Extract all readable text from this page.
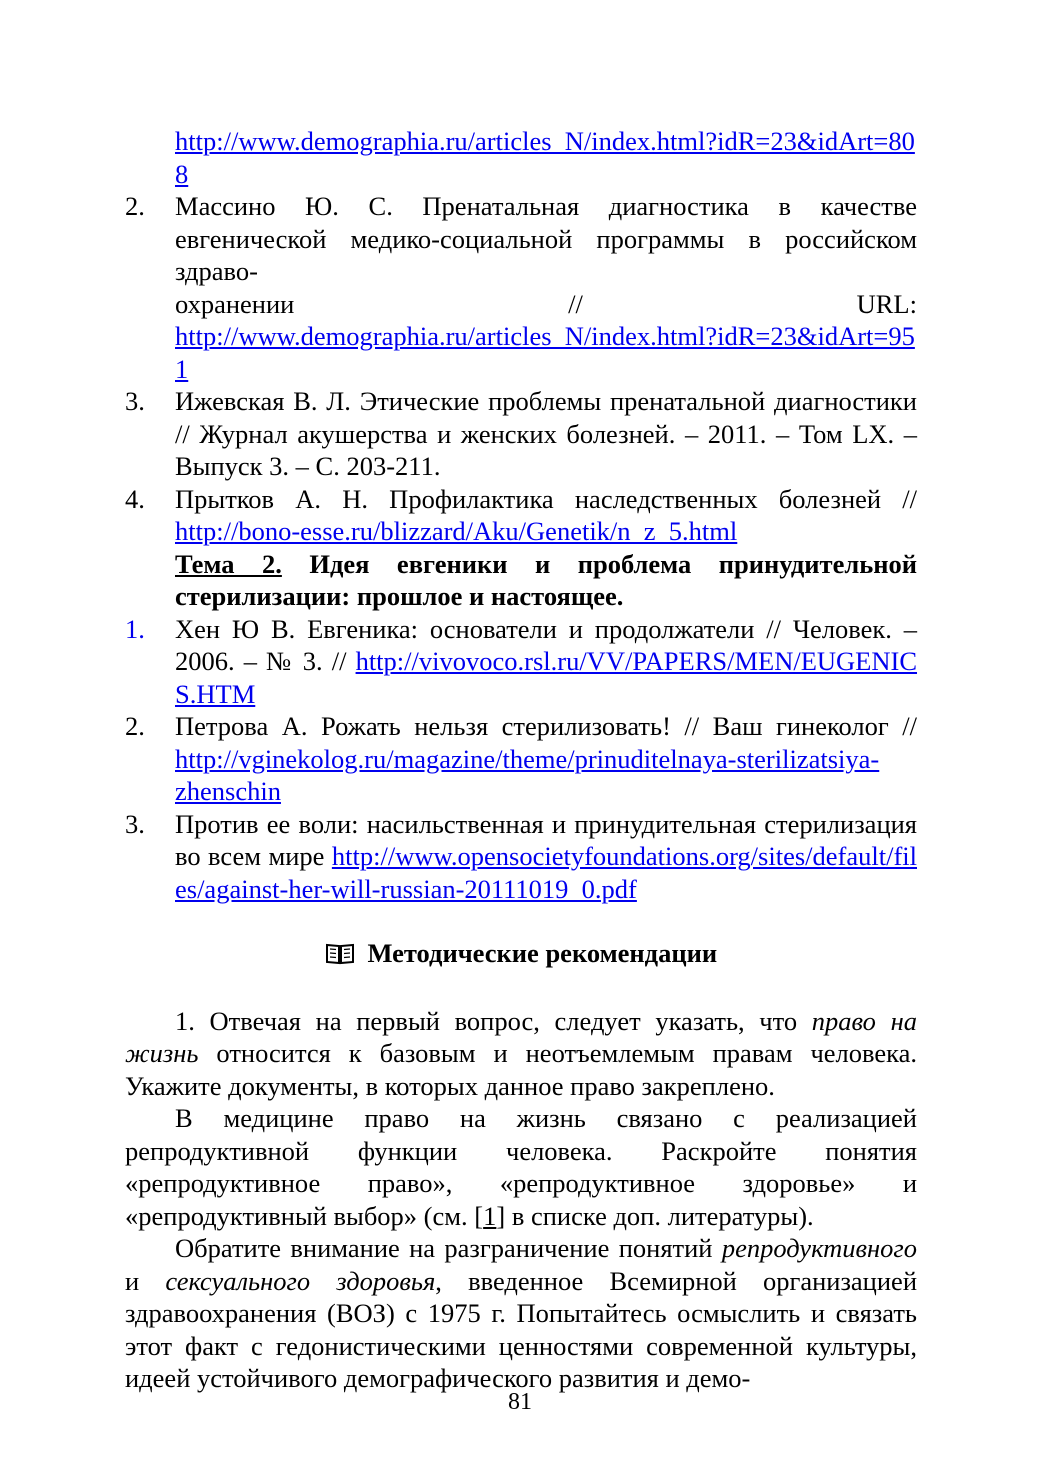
http://www.demographia.ru/articles_N/index.html?idR=23&idArt=808
2.	Массино Ю. С. Пренатальная диагностика в качестве евгенической медико-социальной программы в российском здраво-
охранении	//	URL:
http://www.demographia.ru/articles_N/index.html?idR=23&idArt=951
3.	Ижевская В. Л. Этические проблемы пренатальной диагностики // Журнал акушерства и женских болезней. – 2011. – Том LX. – Выпуск 3. – С. 203-211.
4.	Прытков А. Н. Профилактика наследственных болезней //
http://bono-esse.ru/blizzard/Aku/Genetik/n_z_5.html
Тема 2. Идея евгеники и проблема принудительной стерилизации: прошлое и настоящее.
1.	Хен Ю В. Евгеника: основатели и продолжатели // Человек. – 2006. – № 3. // http://vivovoco.rsl.ru/VV/PAPERS/MEN/EUGENICS.HTM
2.	Петрова А. Рожать нельзя стерилизовать! // Ваш гинеколог //
http://vginekolog.ru/magazine/theme/prinuditelnaya-sterilizatsiya-zhenschin
3.	Против ее воли: насильственная и принудительная стерилизация во всем мире http://www.opensocietyfoundations.org/sites/default/files/against-her-will-russian-20111019_0.pdf
Методические рекомендации

1. Отвечая на первый вопрос, следует указать, что право на жизнь относится к базовым и неотъемлемым правам человека. Укажите документы, в которых данное право закреплено.

В медицине право на жизнь связано с реализацией репродуктивной функции человека. Раскройте понятия «репродуктивное право», «репродуктивное здоровье» и «репродуктивный выбор» (см. [1] в списке доп. литературы).

Обратите внимание на разграничение понятий репродуктивного и сексуального здоровья, введенное Всемирной организацией здравоохранения (ВОЗ) с 1975 г. Попытайтесь осмыслить и связать этот факт с гедонистическими ценностями современной культуры, идеей устойчивого демографического развития и демо-

81
